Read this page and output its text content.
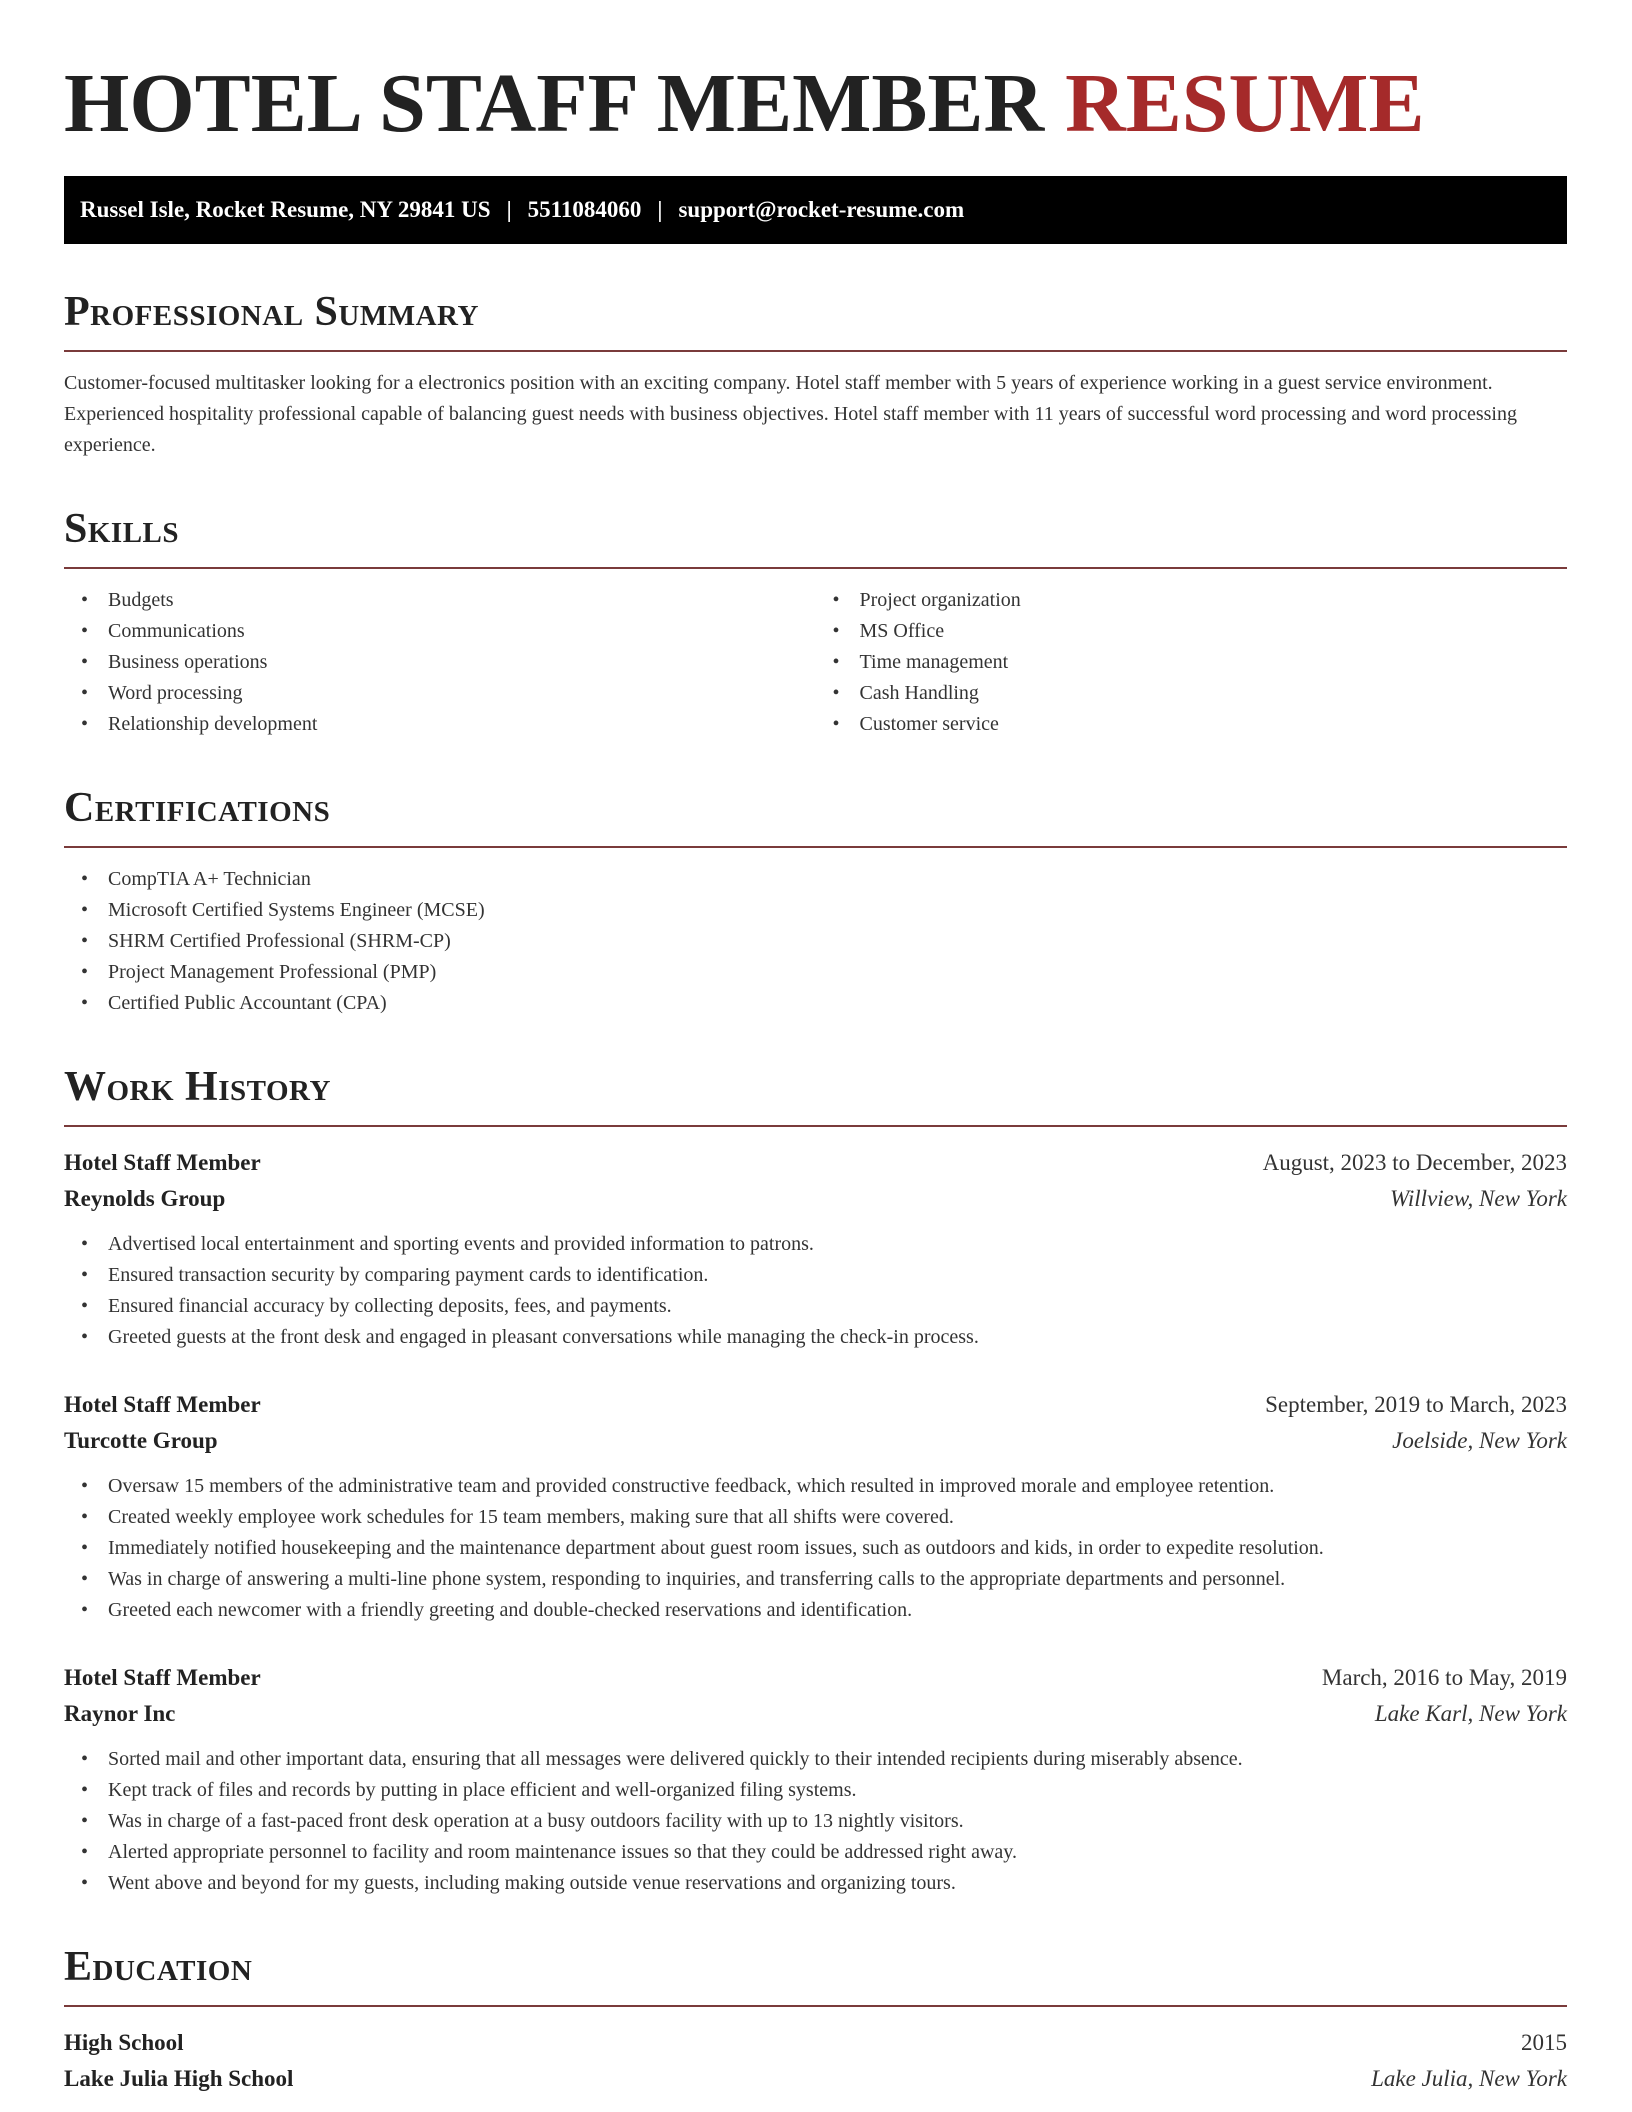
HOTEL STAFF MEMBER RESUME
Russel Isle, Rocket Resume, NY 29841 US | 5511084060 | support@rocket-resume.com
Professional Summary
Customer-focused multitasker looking for a electronics position with an exciting company. Hotel staff member with 5 years of experience working in a guest service environment. Experienced hospitality professional capable of balancing guest needs with business objectives. Hotel staff member with 11 years of successful word processing and word processing experience.
Skills
• Budgets
• Communications
• Business operations
• Word processing
• Relationship development
• Project organization
• MS Office
• Time management
• Cash Handling
• Customer service
Certifications
• CompTIA A+ Technician
• Microsoft Certified Systems Engineer (MCSE)
• SHRM Certified Professional (SHRM-CP)
• Project Management Professional (PMP)
• Certified Public Accountant (CPA)
Work History
Hotel Staff Member	August, 2023 to December, 2023
Reynolds Group	Willview, New York
• Advertised local entertainment and sporting events and provided information to patrons.
• Ensured transaction security by comparing payment cards to identification.
• Ensured financial accuracy by collecting deposits, fees, and payments.
• Greeted guests at the front desk and engaged in pleasant conversations while managing the check-in process.
Hotel Staff Member	September, 2019 to March, 2023
Turcotte Group	Joelside, New York
• Oversaw 15 members of the administrative team and provided constructive feedback, which resulted in improved morale and employee retention.
• Created weekly employee work schedules for 15 team members, making sure that all shifts were covered.
• Immediately notified housekeeping and the maintenance department about guest room issues, such as outdoors and kids, in order to expedite resolution.
• Was in charge of answering a multi-line phone system, responding to inquiries, and transferring calls to the appropriate departments and personnel.
• Greeted each newcomer with a friendly greeting and double-checked reservations and identification.
Hotel Staff Member	March, 2016 to May, 2019
Raynor Inc	Lake Karl, New York
• Sorted mail and other important data, ensuring that all messages were delivered quickly to their intended recipients during miserably absence.
• Kept track of files and records by putting in place efficient and well-organized filing systems.
• Was in charge of a fast-paced front desk operation at a busy outdoors facility with up to 13 nightly visitors.
• Alerted appropriate personnel to facility and room maintenance issues so that they could be addressed right away.
• Went above and beyond for my guests, including making outside venue reservations and organizing tours.
Education
High School	2015
Lake Julia High School	Lake Julia, New York
